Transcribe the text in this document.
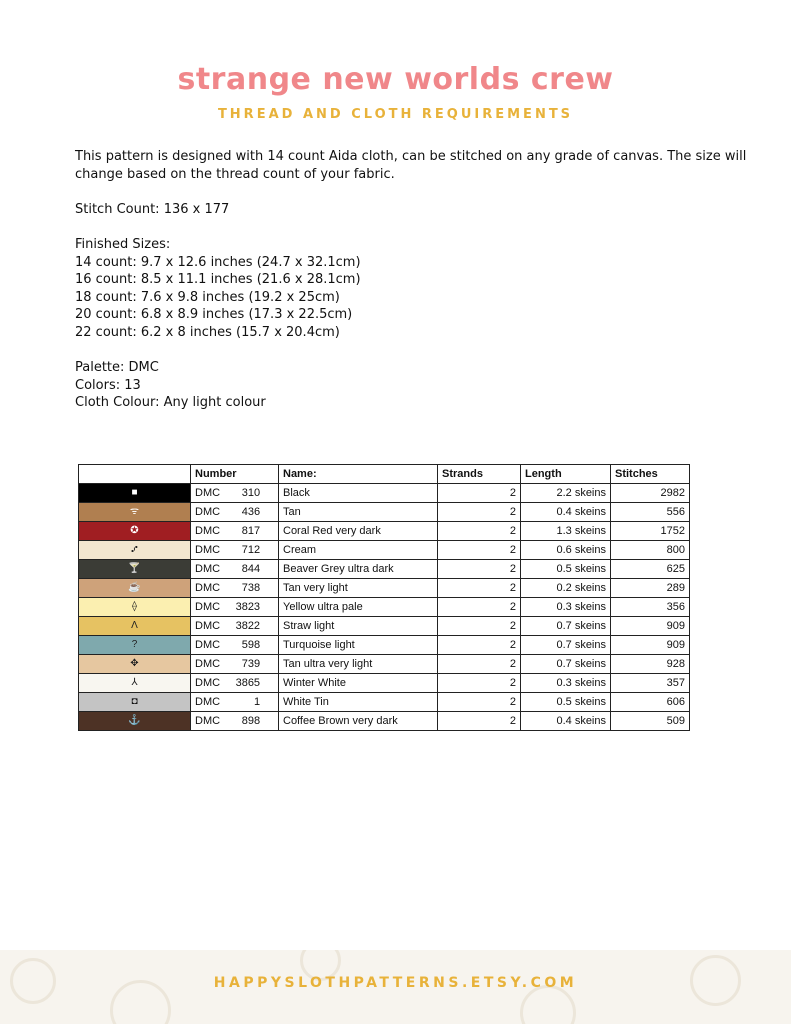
strange new worlds crew
THREAD AND CLOTH REQUIREMENTS
This pattern is designed with 14 count Aida cloth, can be stitched on any grade of canvas. The size will
change based on the thread count of your fabric.
Stitch Count: 136 x 177
Finished Sizes:
14 count: 9.7 x 12.6 inches (24.7 x 32.1cm)
16 count: 8.5 x 11.1 inches (21.6 x 28.1cm)
18 count: 7.6 x 9.8 inches (19.2 x 25cm)
20 count: 6.8 x 8.9 inches (17.3 x 22.5cm)
22 count: 6.2 x 8 inches (15.7 x 20.4cm)
Palette: DMC
Colors: 13
Cloth Colour: Any light colour
	Number	Name:	Strands	Length	Stitches
■	DMC 310	Black	2	2.2 skeins	2982
ᯤ	DMC 436	Tan	2	0.4 skeins	556
✪	DMC 817	Coral Red very dark	2	1.3 skeins	1752
⑇	DMC 712	Cream	2	0.6 skeins	800
🍸	DMC 844	Beaver Grey ultra dark	2	0.5 skeins	625
☕	DMC 738	Tan very light	2	0.2 skeins	289
⟠	DMC 3823	Yellow ultra pale	2	0.3 skeins	356
Λ	DMC 3822	Straw light	2	0.7 skeins	909
?	DMC 598	Turquoise light	2	0.7 skeins	909
✥	DMC 739	Tan ultra very light	2	0.7 skeins	928
⅄	DMC 3865	Winter White	2	0.3 skeins	357
◘	DMC 1	White Tin	2	0.5 skeins	606
⚓	DMC 898	Coffee Brown very dark	2	0.4 skeins	509
HAPPYSLOTHPATTERNS.ETSY.COM
